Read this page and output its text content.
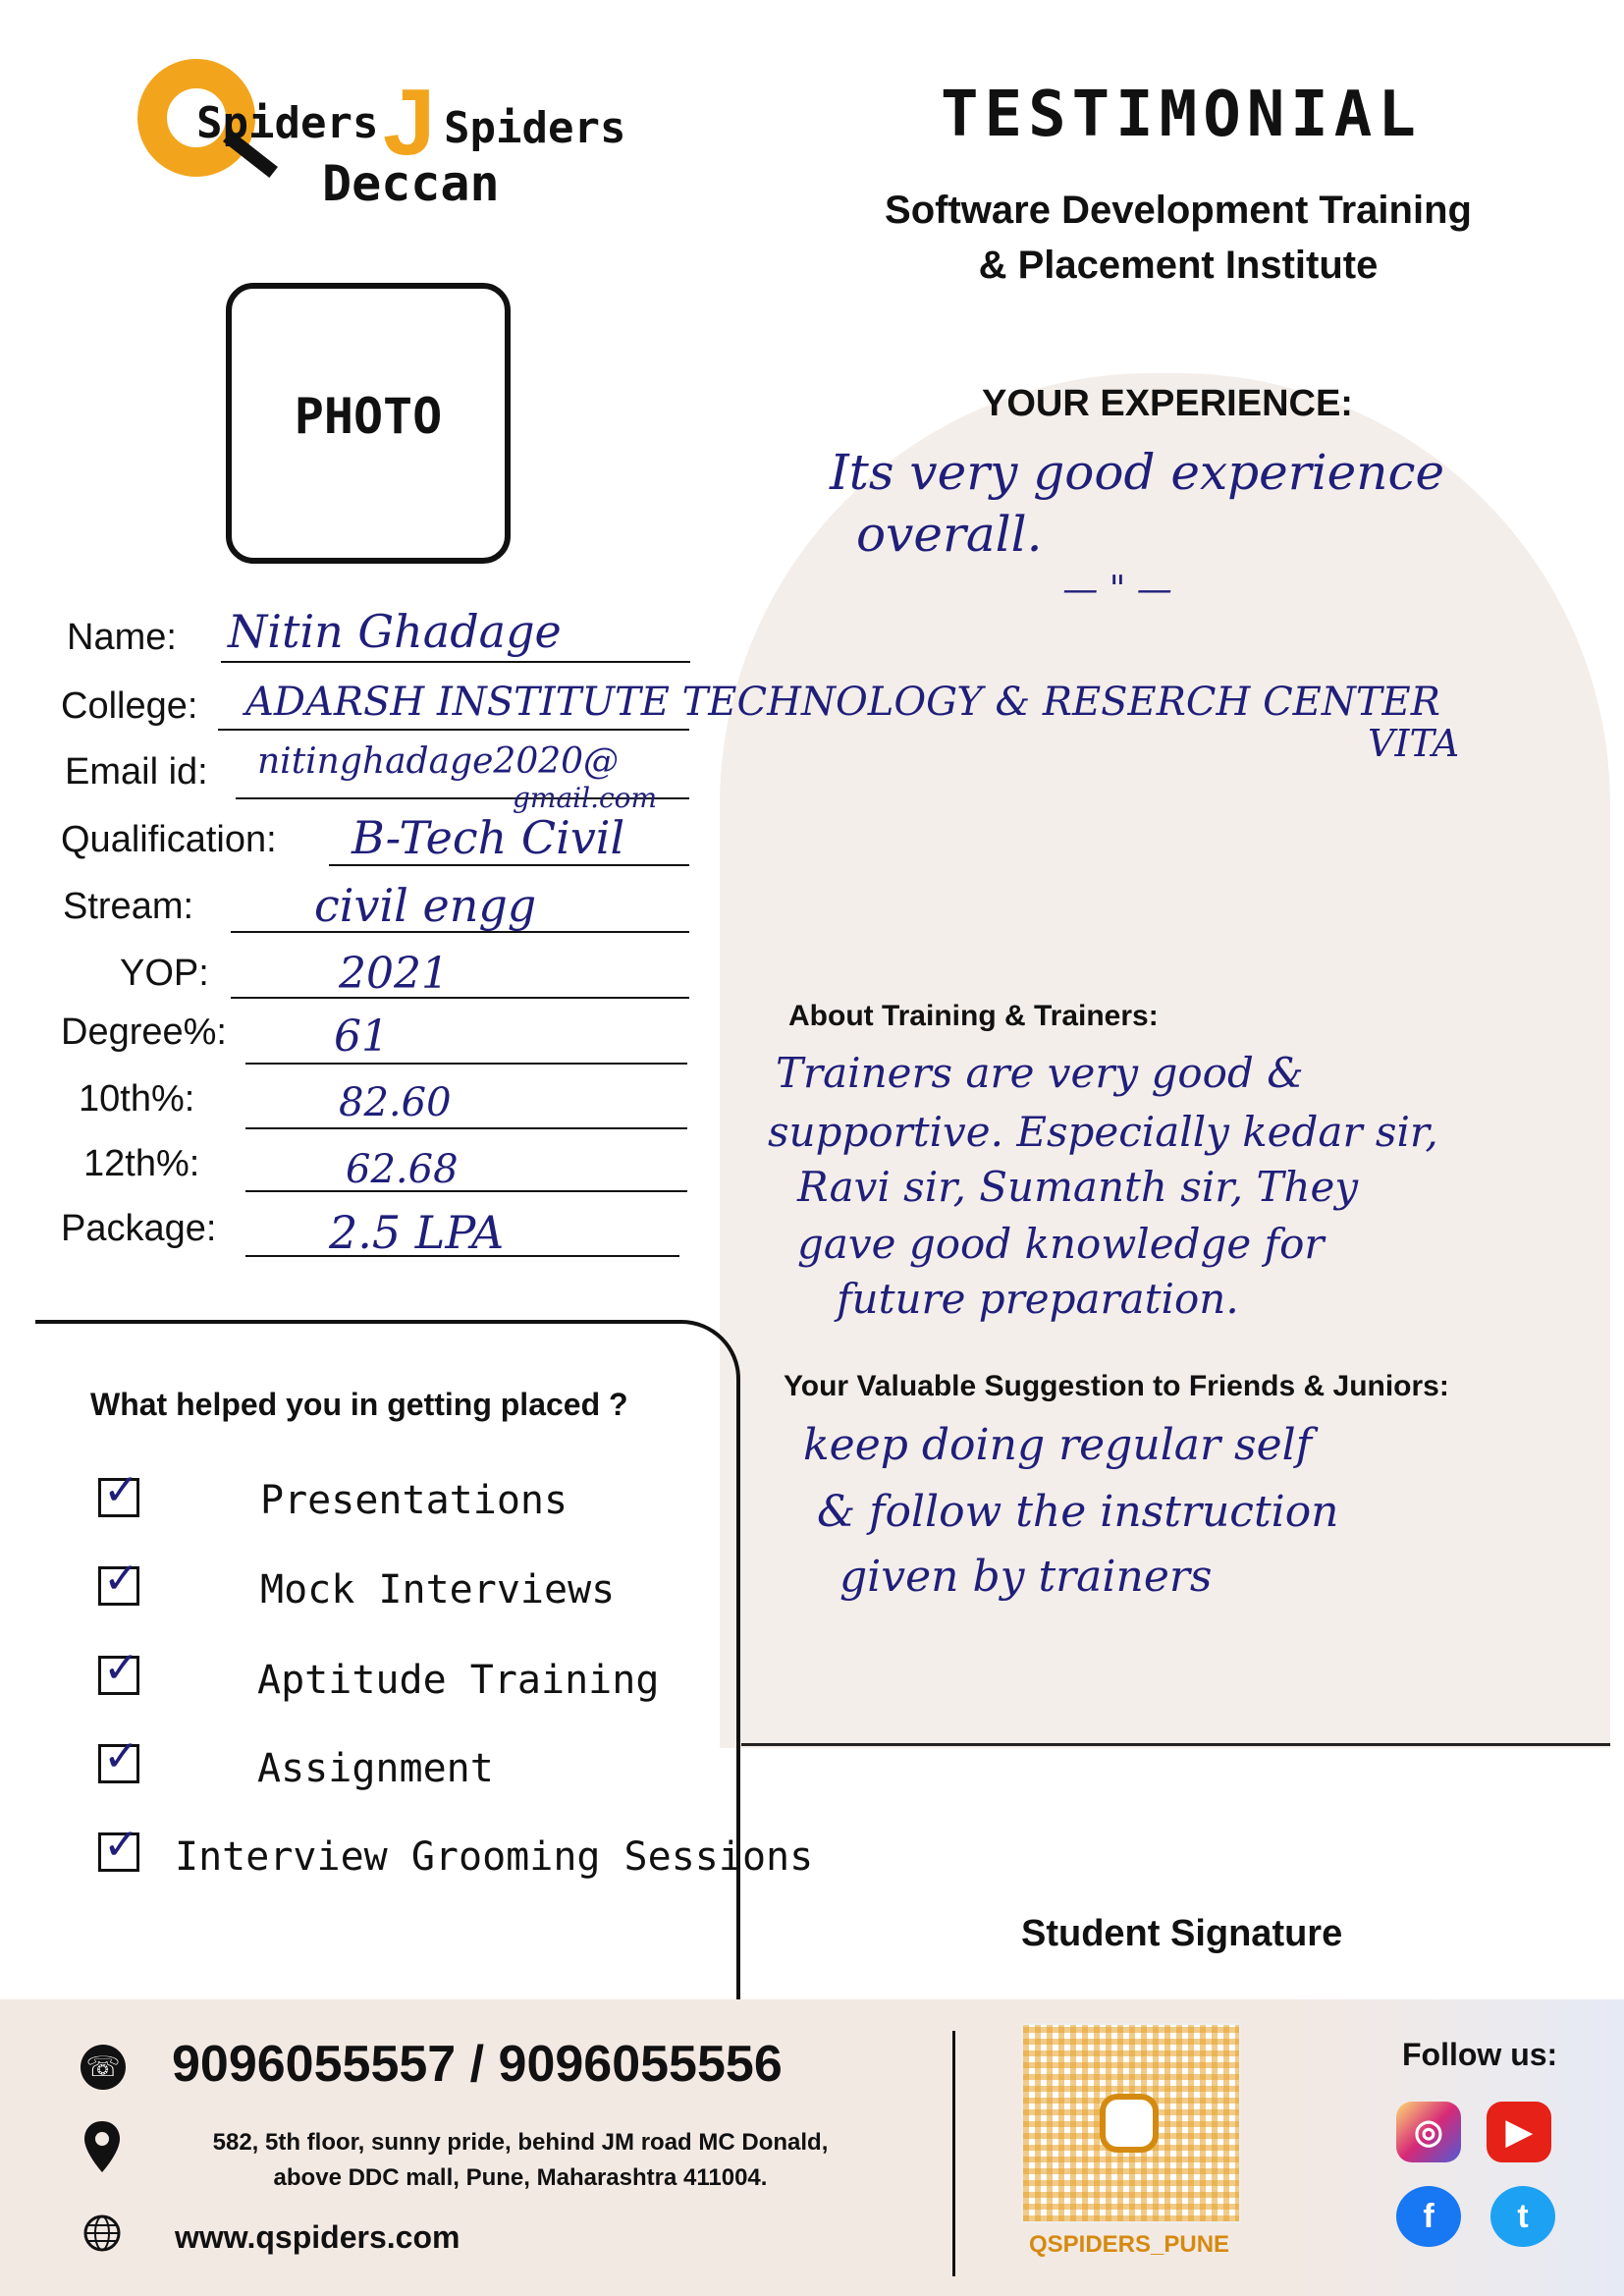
Spiders J Spiders
Deccan
TESTIMONIAL
Software Development Training
& Placement Institute
PHOTO
Name: Nitin Ghadage
College: ADARSH INSTITUTE TECHNOLOGY & RESERCH CENTER
VITA
Email id: nitinghadage2020@
gmail.com
Qualification: B-Tech Civil
Stream:	civil engg
YOP:	2021
Degree%: 61
10th%:	82.60
12th%:	62.68
Package: 2.5 LPA
YOUR EXPERIENCE:
Its very good experience
overall.
— " —
About Training & Trainers:
Trainers are very good &
supportive. Especially kedar sir,
Ravi sir, Sumanth sir, They
gave good knowledge for
future preparation.
Your Valuable Suggestion to Friends & Juniors:
keep doing regular self
& follow the instruction
given by trainers
Student Signature
What helped you in getting placed ?
✓	Presentations
✓	Mock Interviews
✓	Aptitude Training
✓	Assignment
✓ Interview Grooming Sessions
☏ 9096055557 / 9096055556
582, 5th floor, sunny pride, behind JM road MC Donald,
above DDC mall, Pune, Maharashtra 411004.
www.qspiders.com	QSPIDERS_PUNE
Follow us:
◎	▶
f	t
